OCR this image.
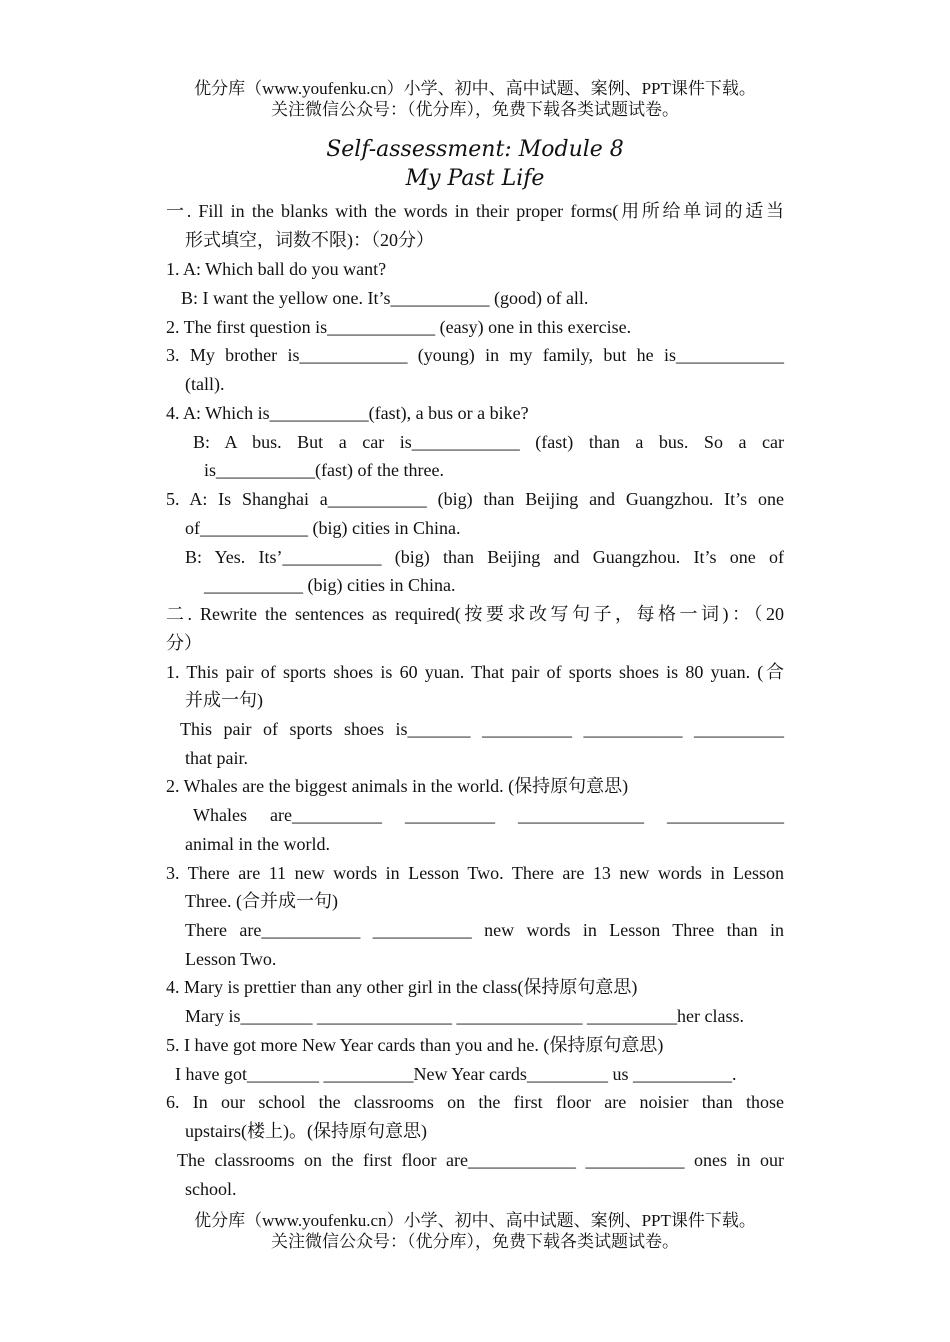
优分库（www.youfenku.cn）小学、初中、高中试题、案例、PPT课件下载。
关注微信公众号：（优分库），免费下载各类试题试卷。
Self-assessment: Module 8
My Past Life
一. Fill in the blanks with the words in their proper forms(用所给单词的适当
形式填空，词数不限)：（20分）
1. A: Which ball do you want?
B: I want the yellow one. It’s___________ (good) of all.
2. The first question is____________ (easy) one in this exercise.
3. My brother is____________ (young) in my family, but he is____________
(tall).
4. A: Which is___________(fast), a bus or a bike?
B: A bus. But a car is____________ (fast) than a bus. So a car
is___________(fast) of the three.
5. A: Is Shanghai a___________ (big) than Beijing and Guangzhou. It’s one
of____________ (big) cities in China.
B: Yes. Its’___________ (big) than Beijing and Guangzhou. It’s one of
___________ (big) cities in China.
二. Rewrite the sentences as required(按要求改写句子，每格一词)：（20
分）
1. This pair of sports shoes is 60 yuan. That pair of sports shoes is 80 yuan. (合
并成一句)
This pair of sports shoes is_______ __________ ___________ __________
that pair.
2. Whales are the biggest animals in the world. (保持原句意思)
Whales are__________ __________ ______________ _____________
animal in the world.
3. There are 11 new words in Lesson Two. There are 13 new words in Lesson
Three. (合并成一句)
There are___________ ___________ new words in Lesson Three than in
Lesson Two.
4. Mary is prettier than any other girl in the class(保持原句意思)
Mary is________ _______________ ______________ __________her class.
5. I have got more New Year cards than you and he. (保持原句意思)
I have got________ __________New Year cards_________ us ___________.
6. In our school the classrooms on the first floor are noisier than those
upstairs(楼上)。(保持原句意思)
The classrooms on the first floor are____________ ___________ ones in our
school.
优分库（www.youfenku.cn）小学、初中、高中试题、案例、PPT课件下载。
关注微信公众号：（优分库），免费下载各类试题试卷。
